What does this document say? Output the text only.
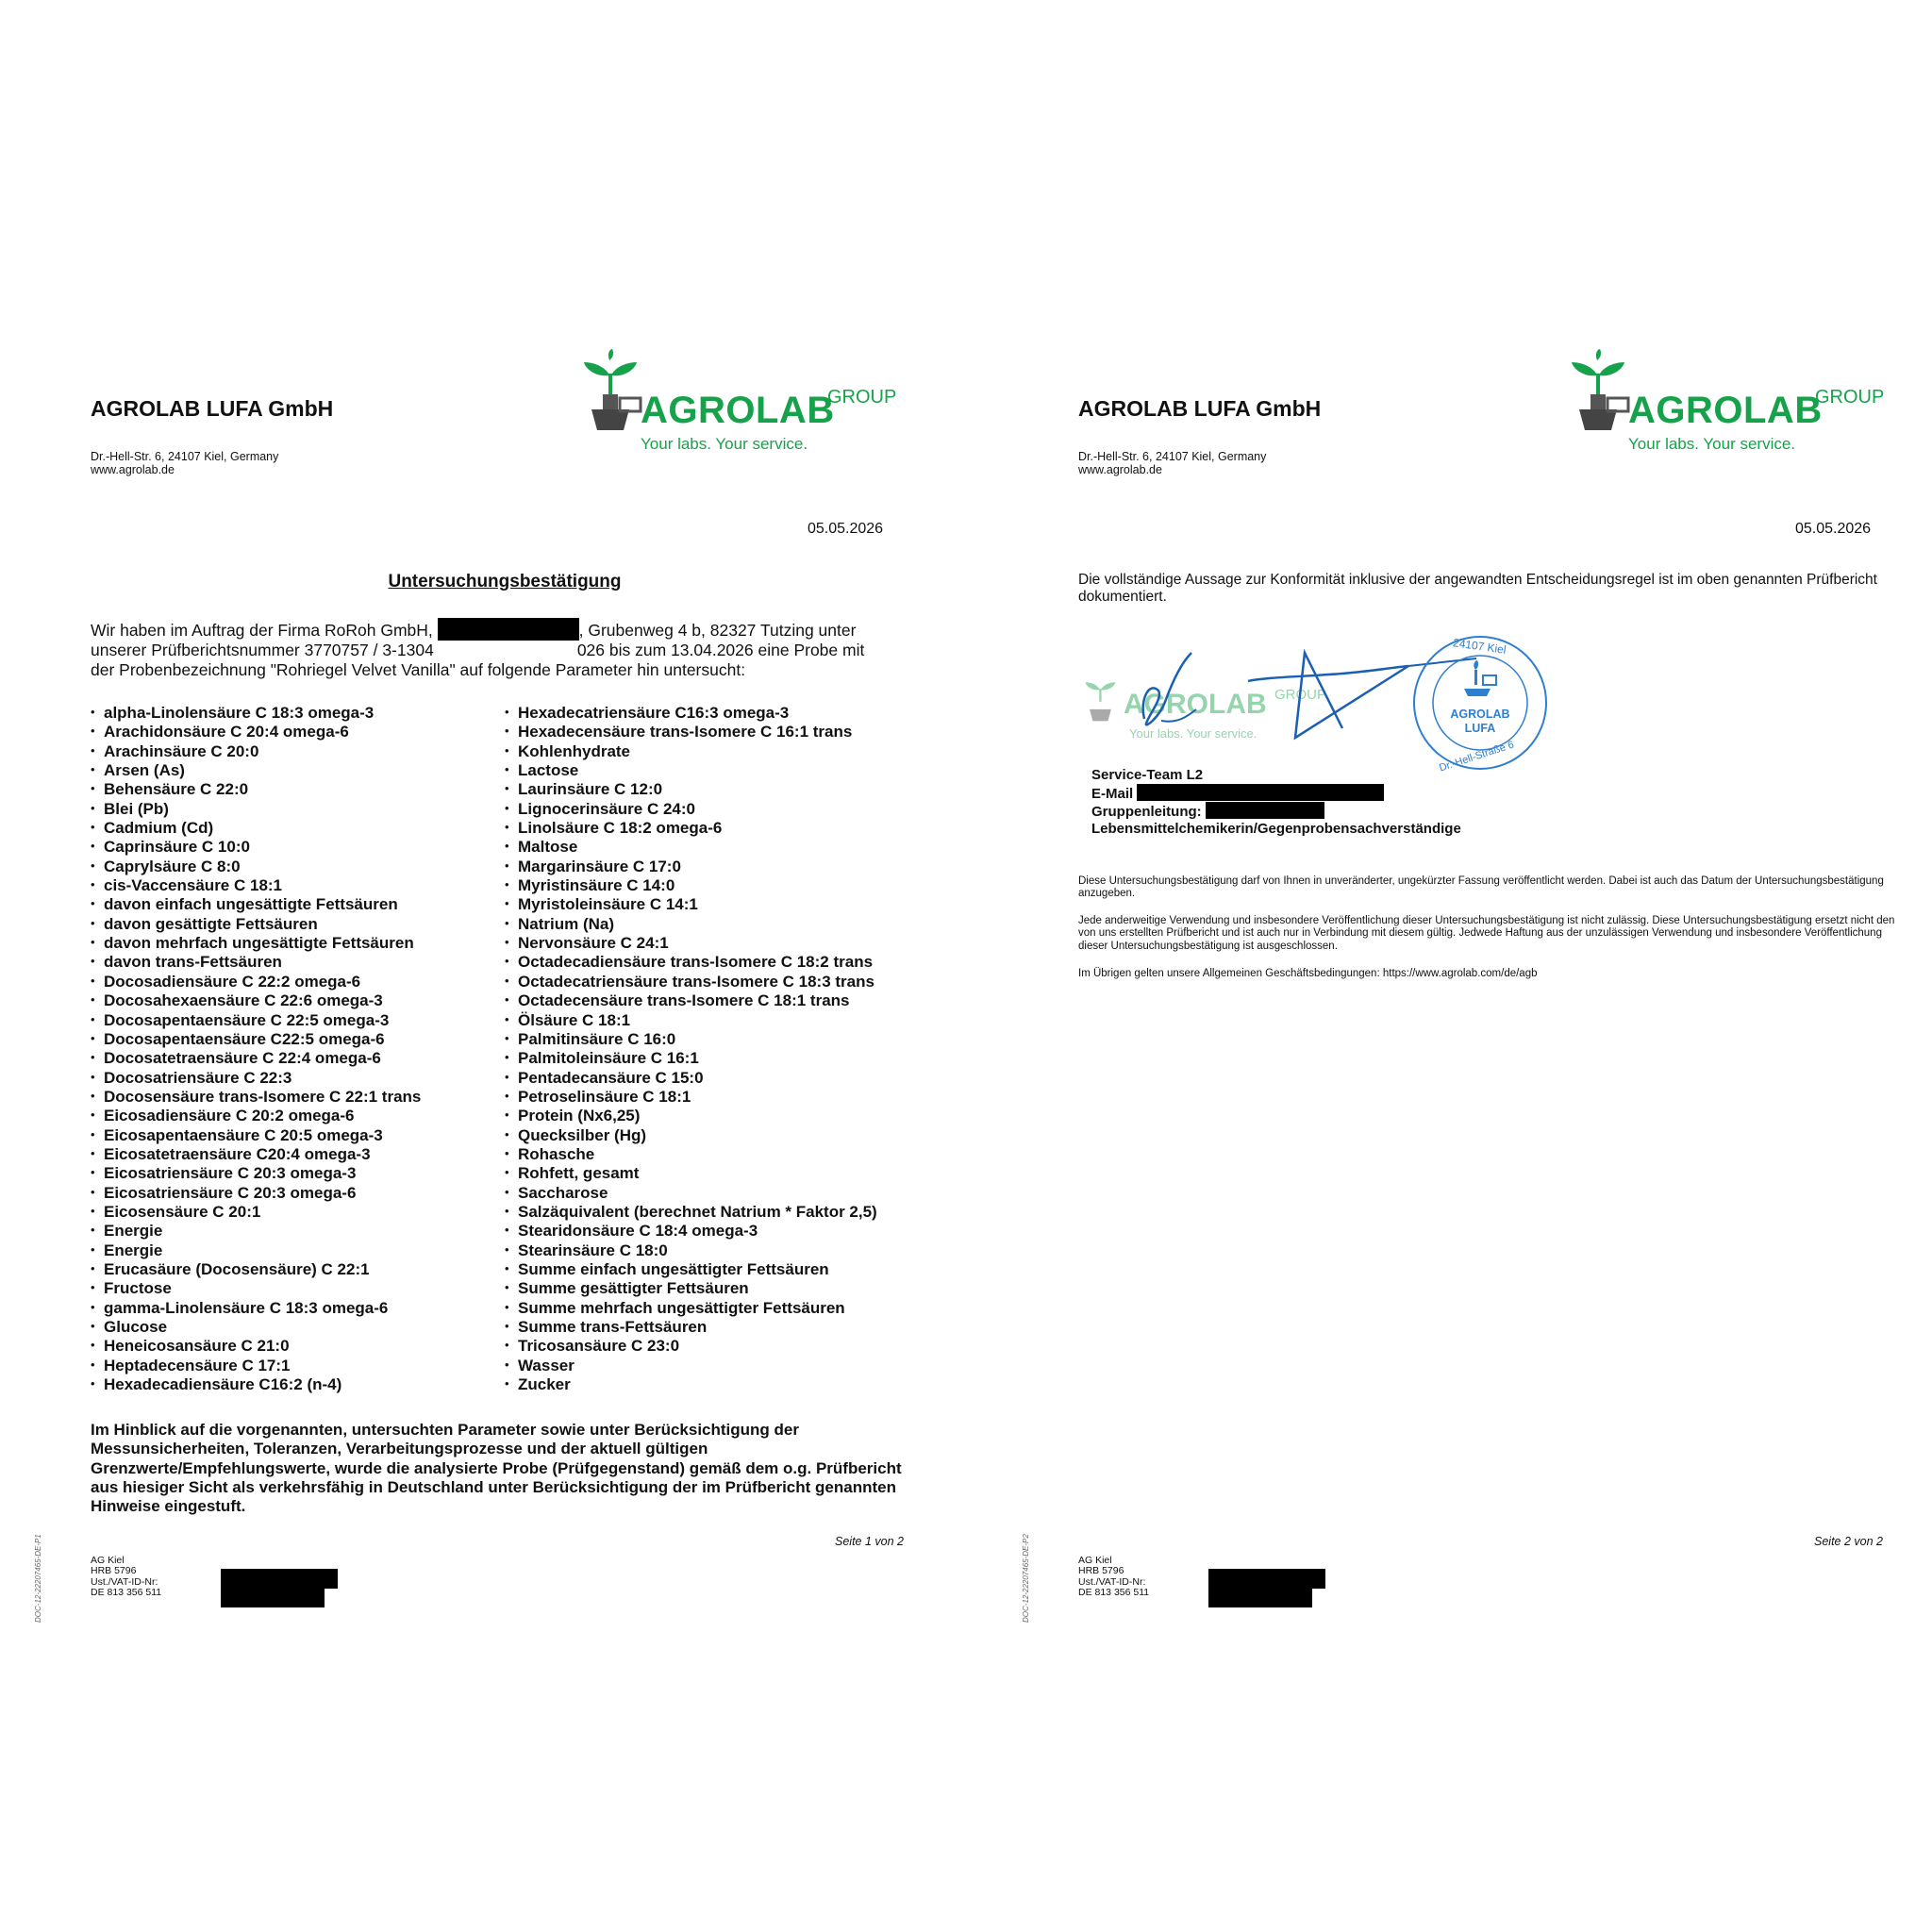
AGROLAB LUFA GmbH
Dr.-Hell-Str. 6, 24107 Kiel, Germany
www.agrolab.de
AGROLAB
GROUP
Your labs. Your service.
05.05.2026
Untersuchungsbestätigung
Wir haben im Auftrag der Firma RoRoh GmbH,	, Grubenweg 4 b, 82327 Tutzing unter
unserer Prüfberichtsnummer 3770757 / 3-1304	026 bis zum 13.04.2026 eine Probe mit
der Probenbezeichnung "Rohriegel Velvet Vanilla" auf folgende Parameter hin untersucht:
• alpha-Linolensäure C 18:3 omega-3
• Arachidonsäure C 20:4 omega-6
• Arachinsäure C 20:0
• Arsen (As)
• Behensäure C 22:0
• Blei (Pb)
• Cadmium (Cd)
• Caprinsäure C 10:0
• Caprylsäure C 8:0
• cis-Vaccensäure C 18:1
• davon einfach ungesättigte Fettsäuren
• davon gesättigte Fettsäuren
• davon mehrfach ungesättigte Fettsäuren
• davon trans-Fettsäuren
• Docosadiensäure C 22:2 omega-6
• Docosahexaensäure C 22:6 omega-3
• Docosapentaensäure C 22:5 omega-3
• Docosapentaensäure C22:5 omega-6
• Docosatetraensäure C 22:4 omega-6
• Docosatriensäure C 22:3
• Docosensäure trans-Isomere C 22:1 trans
• Eicosadiensäure C 20:2 omega-6
• Eicosapentaensäure C 20:5 omega-3
• Eicosatetraensäure C20:4 omega-3
• Eicosatriensäure C 20:3 omega-3
• Eicosatriensäure C 20:3 omega-6
• Eicosensäure C 20:1
• Energie
• Energie
• Erucasäure (Docosensäure) C 22:1
• Fructose
• gamma-Linolensäure C 18:3 omega-6
• Glucose
• Heneicosansäure C 21:0
• Heptadecensäure C 17:1
• Hexadecadiensäure C16:2 (n-4)
• Hexadecatriensäure C16:3 omega-3
• Hexadecensäure trans-Isomere C 16:1 trans
• Kohlenhydrate
• Lactose
• Laurinsäure C 12:0
• Lignocerinsäure C 24:0
• Linolsäure C 18:2 omega-6
• Maltose
• Margarinsäure C 17:0
• Myristinsäure C 14:0
• Myristoleinsäure C 14:1
• Natrium (Na)
• Nervonsäure C 24:1
• Octadecadiensäure trans-Isomere C 18:2 trans
• Octadecatriensäure trans-Isomere C 18:3 trans
• Octadecensäure trans-Isomere C 18:1 trans
• Ölsäure C 18:1
• Palmitinsäure C 16:0
• Palmitoleinsäure C 16:1
• Pentadecansäure C 15:0
• Petroselinsäure C 18:1
• Protein (Nx6,25)
• Quecksilber (Hg)
• Rohasche
• Rohfett, gesamt
• Saccharose
• Salzäquivalent (berechnet Natrium * Faktor 2,5)
• Stearidonsäure C 18:4 omega-3
• Stearinsäure C 18:0
• Summe einfach ungesättigter Fettsäuren
• Summe gesättigter Fettsäuren
• Summe mehrfach ungesättigter Fettsäuren
• Summe trans-Fettsäuren
• Tricosansäure C 23:0
• Wasser
• Zucker
Im Hinblick auf die vorgenannten, untersuchten Parameter sowie unter Berücksichtigung der Messunsicherheiten, Toleranzen, Verarbeitungsprozesse und der aktuell gültigen Grenzwerte/Empfehlungswerte, wurde die analysierte Probe (Prüfgegenstand) gemäß dem o.g. Prüfbericht aus hiesiger Sicht als verkehrsfähig in Deutschland unter Berücksichtigung der im Prüfbericht genannten Hinweise eingestuft.
Seite 1 von 2
DOC-12-22207465-DE-P1	AG Kiel
HRB 5796
Ust./VAT-ID-Nr:
DE 813 356 511
AGROLAB LUFA GmbH
Dr.-Hell-Str. 6, 24107 Kiel, Germany
www.agrolab.de
AGROLAB
GROUP
Your labs. Your service.
05.05.2026
Die vollständige Aussage zur Konformität inklusive der angewandten Entscheidungsregel ist im oben genannten Prüfbericht dokumentiert.
AGROLAB GROUP
Your labs. Your service.
24107 Kiel
AGROLAB
LUFA
Dr.-Hell-Straße 6
Service-Team L2
E-Mail
Gruppenleitung:
Lebensmittelchemikerin/Gegenprobensachverständige
Diese Untersuchungsbestätigung darf von Ihnen in unveränderter, ungekürzter Fassung veröffentlicht werden. Dabei ist auch das Datum der Untersuchungsbestätigung anzugeben.
Jede anderweitige Verwendung und insbesondere Veröffentlichung dieser Untersuchungsbestätigung ist nicht zulässig. Diese Untersuchungsbestätigung ersetzt nicht den von uns erstellten Prüfbericht und ist auch nur in Verbindung mit diesem gültig. Jedwede Haftung aus der unzulässigen Verwendung und insbesondere Veröffentlichung dieser Untersuchungsbestätigung ist ausgeschlossen.
Im Übrigen gelten unsere Allgemeinen Geschäftsbedingungen: https://www.agrolab.com/de/agb
Seite 2 von 2
DOC-12-22207465-DE-P2	AG Kiel
HRB 5796
Ust./VAT-ID-Nr:
DE 813 356 511
